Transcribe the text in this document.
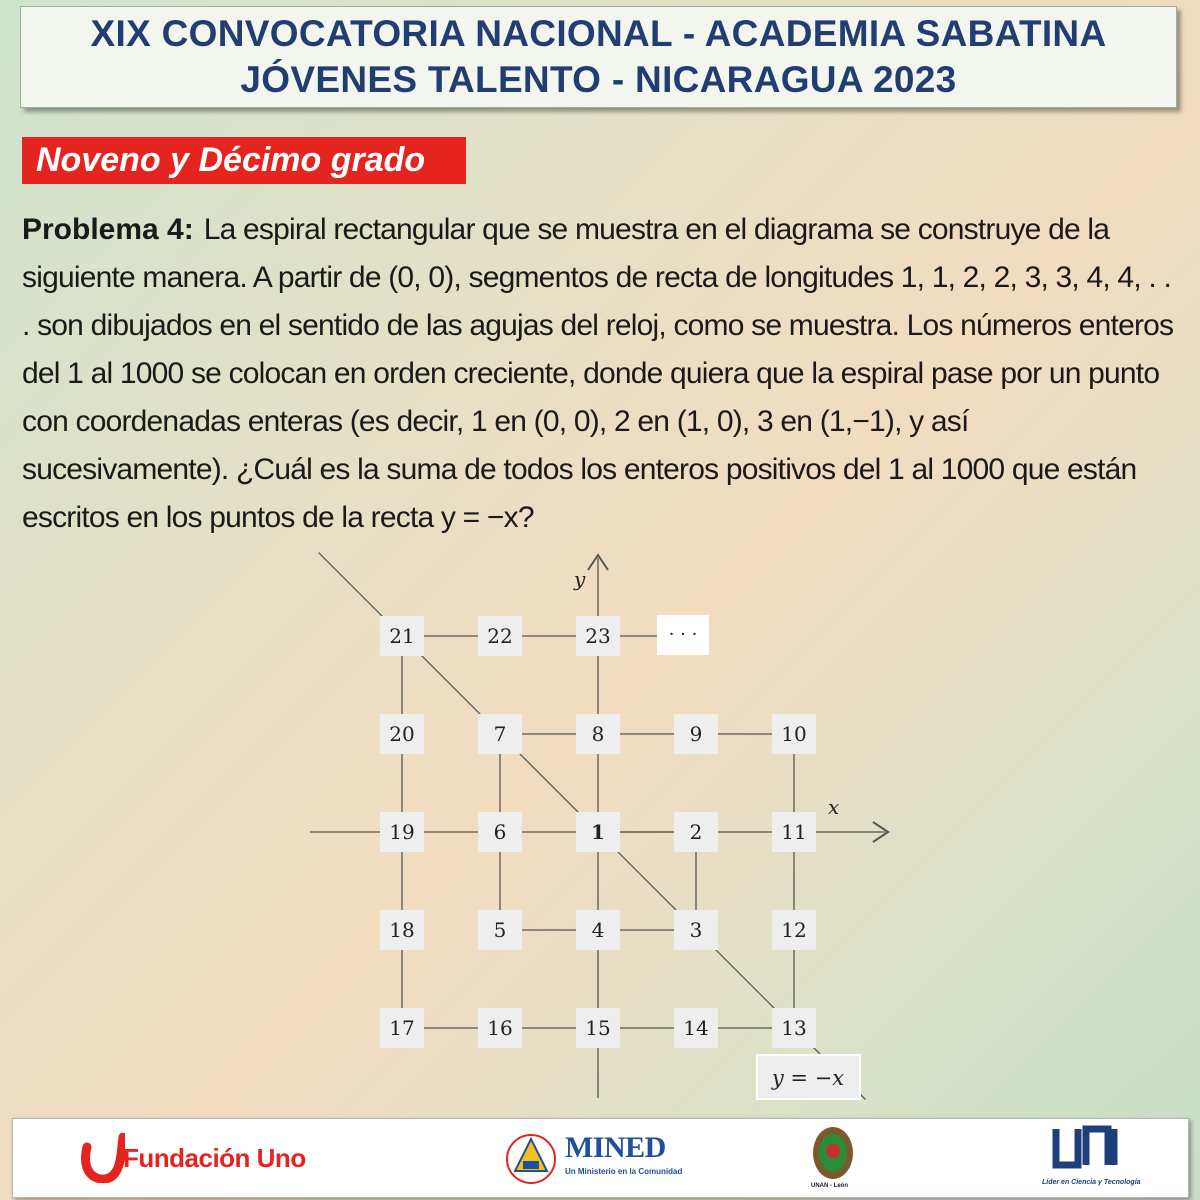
XIX CONVOCATORIA NACIONAL - ACADEMIA SABATINA
JÓVENES TALENTO - NICARAGUA 2023
Noveno y Décimo grado

Problema 4: La espiral rectangular que se muestra en el diagrama se construye de la siguiente manera. A partir de (0, 0), segmentos de recta de longitudes 1, 1, 2, 2, 3, 3, 4, 4, . . . son dibujados en el sentido de las agujas del reloj, como se muestra. Los números enteros del 1 al 1000 se colocan en orden creciente, donde quiera que la espiral pase por un punto con coordenadas enteras (es decir, 1 en (0, 0), 2 en (1, 0), 3 en (1,−1), y así sucesivamente). ¿Cuál es la suma de todos los enteros positivos del 1 al 1000 que están escritos en los puntos de la recta y = −x?

1	2
3
4
5
6
7	8	9	10
11
12
13
14
15
16
17
18
19
20
21	22	23
x
y
· · ·
y = −x
Fundación Uno	MINED
Un Ministerio en la Comunidad
UNAN - León	Líder en Ciencia y Tecnología
